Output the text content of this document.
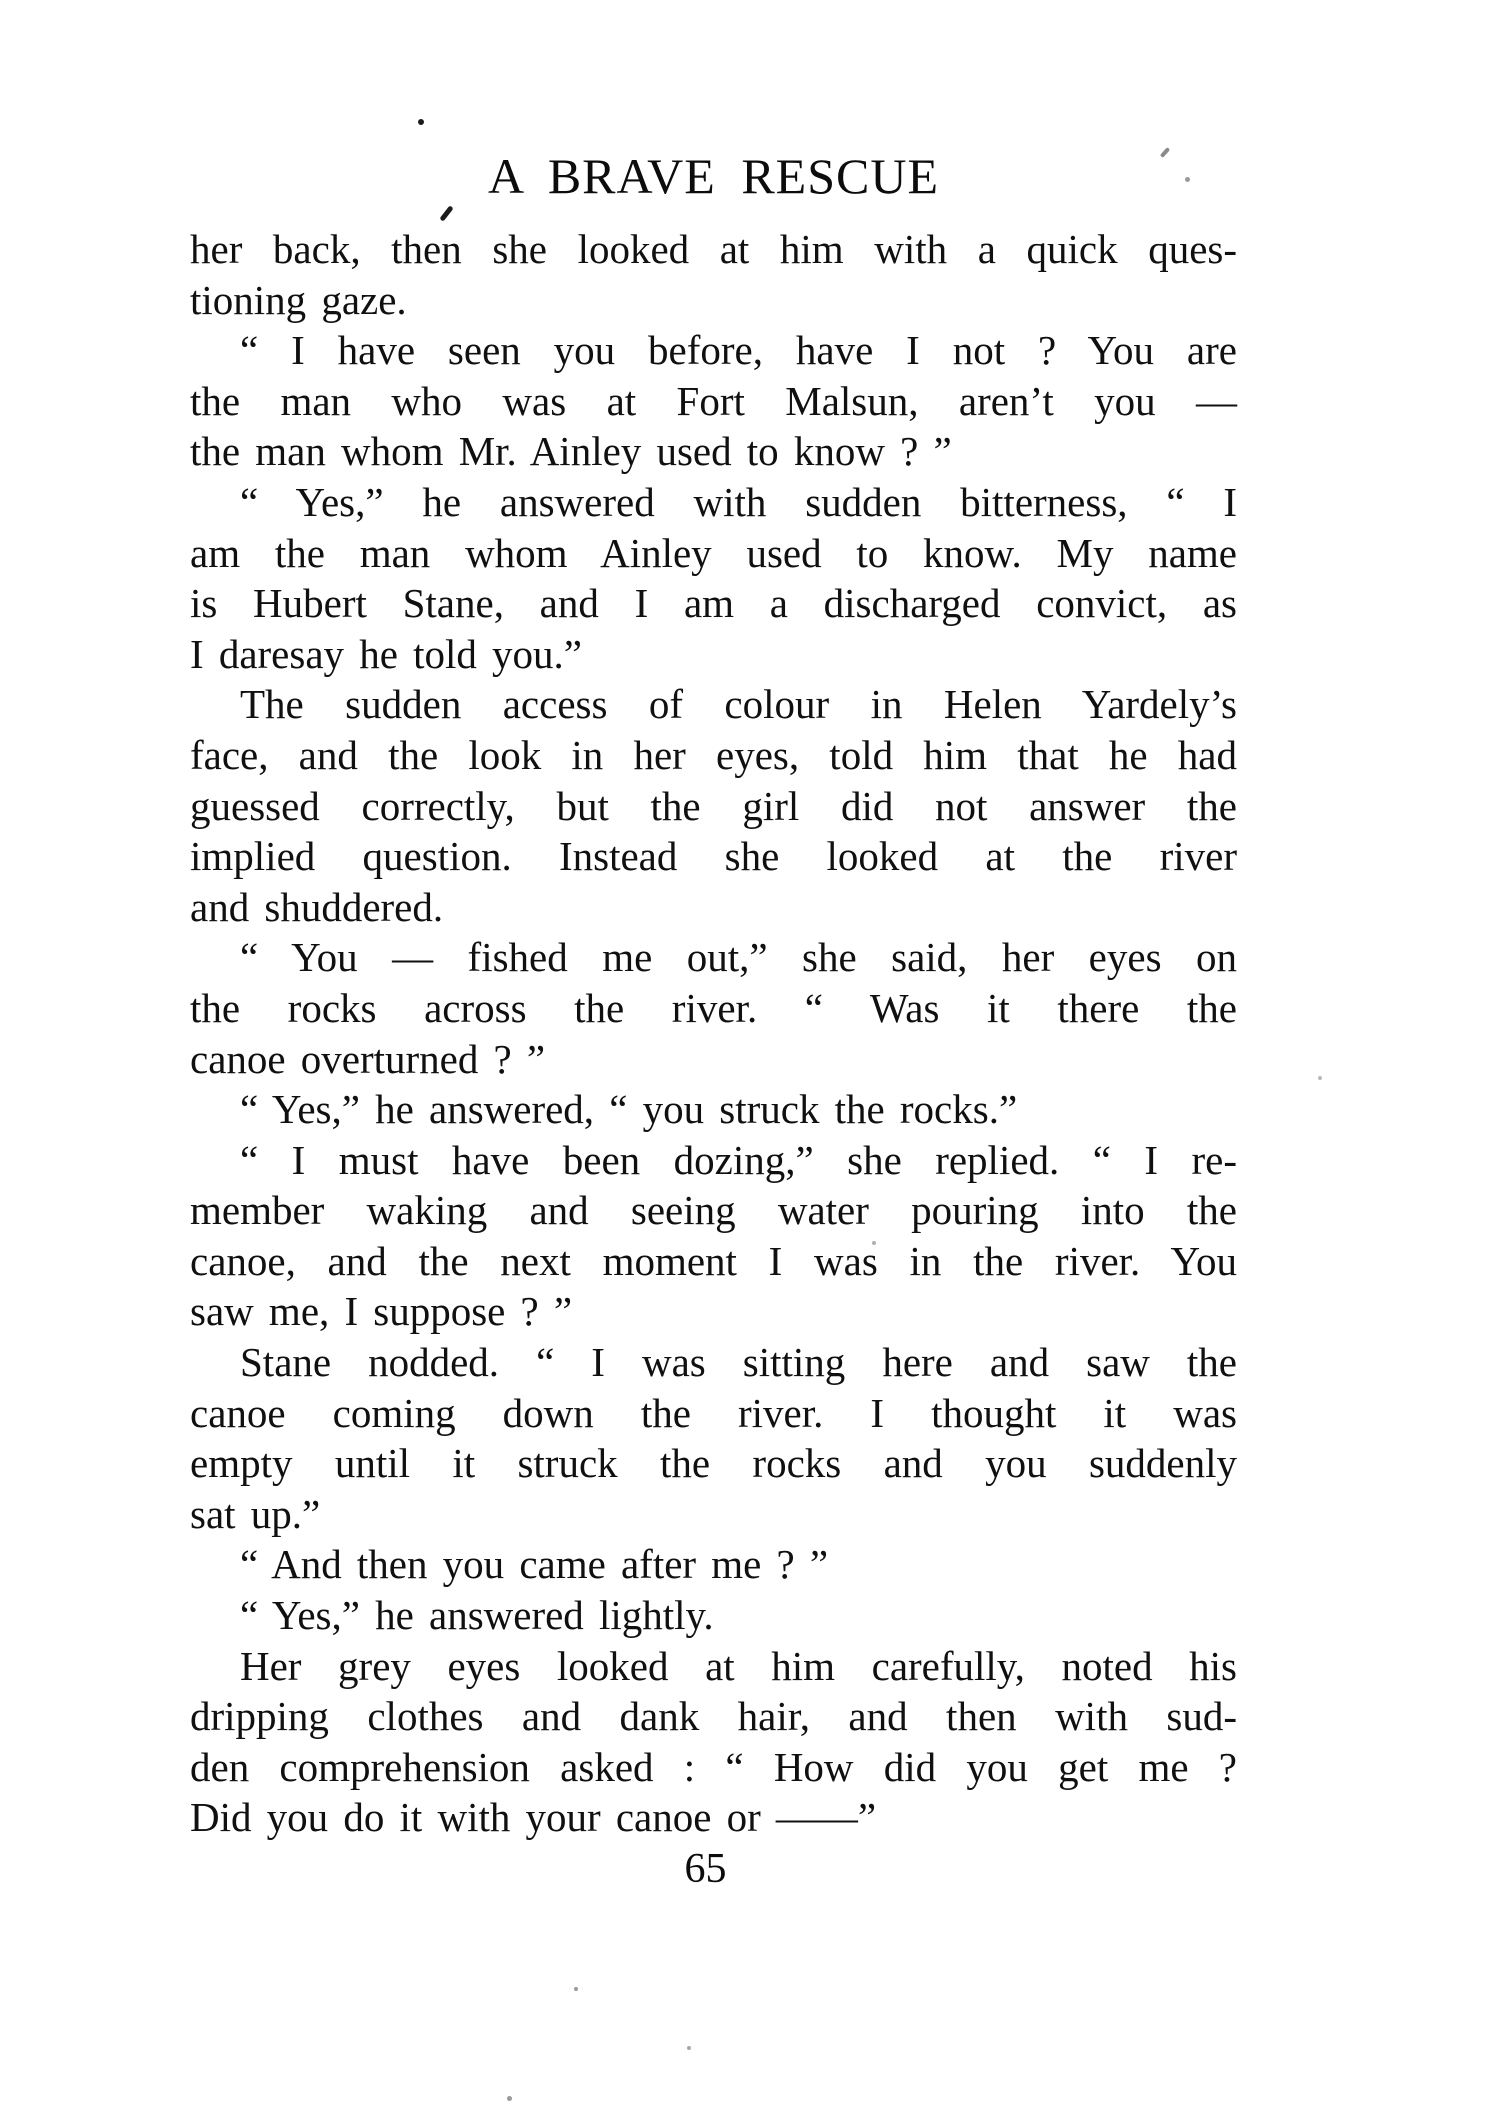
A BRAVE RESCUE
her back, then she looked at him with a quick ques-
tioning gaze.
“ I have seen you before, have I not ? You are
the man who was at Fort Malsun, aren’t you —
the man whom Mr. Ainley used to know ? ”
“ Yes,” he answered with sudden bitterness, “ I
am the man whom Ainley used to know. My name
is Hubert Stane, and I am a discharged convict, as
I daresay he told you.”
The sudden access of colour in Helen Yardely’s
face, and the look in her eyes, told him that he had
guessed correctly, but the girl did not answer the
implied question. Instead she looked at the river
and shuddered.
“ You — fished me out,” she said, her eyes on
the rocks across the river. “ Was it there the
canoe overturned ? ”
“ Yes,” he answered, “ you struck the rocks.”
“ I must have been dozing,” she replied. “ I re-
member waking and seeing water pouring into the
canoe, and the next moment I was in the river. You
saw me, I suppose ? ”
Stane nodded. “ I was sitting here and saw the
canoe coming down the river. I thought it was
empty until it struck the rocks and you suddenly
sat up.”
“ And then you came after me ? ”
“ Yes,” he answered lightly.
Her grey eyes looked at him carefully, noted his
dripping clothes and dank hair, and then with sud-
den comprehension asked : “ How did you get me ?
Did you do it with your canoe or ——”
65
